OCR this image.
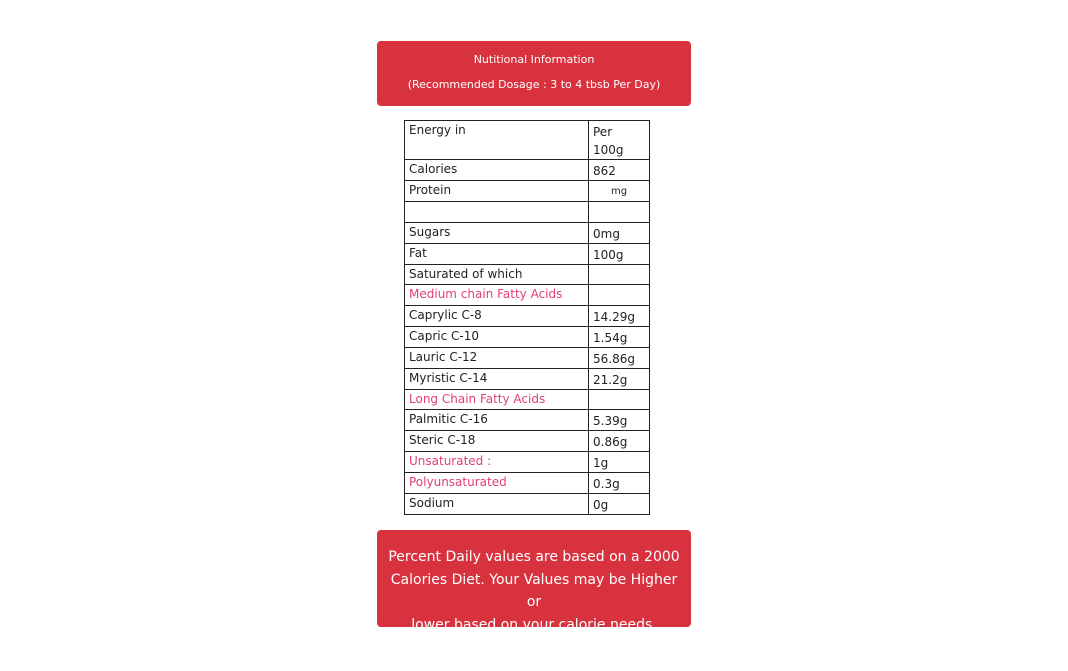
Nutitional Information
(Recommended Dosage : 3 to 4 tbsb Per Day)
Energy in	Per 100g
Calories	862
Protein	mg

Sugars	0mg
Fat	100g
Saturated of which	
Medium chain Fatty Acids	
Caprylic C-8	14.29g
Capric C-10	1.54g
Lauric C-12	56.86g
Myristic C-14	21.2g
Long Chain Fatty Acids	
Palmitic C-16	5.39g
Steric C-18	0.86g
Unsaturated :	1g
Polyunsaturated	0.3g
Sodium	0g
Percent Daily values are based on a 2000
Calories Diet. Your Values may be Higher or
lower based on your calorie needs.
